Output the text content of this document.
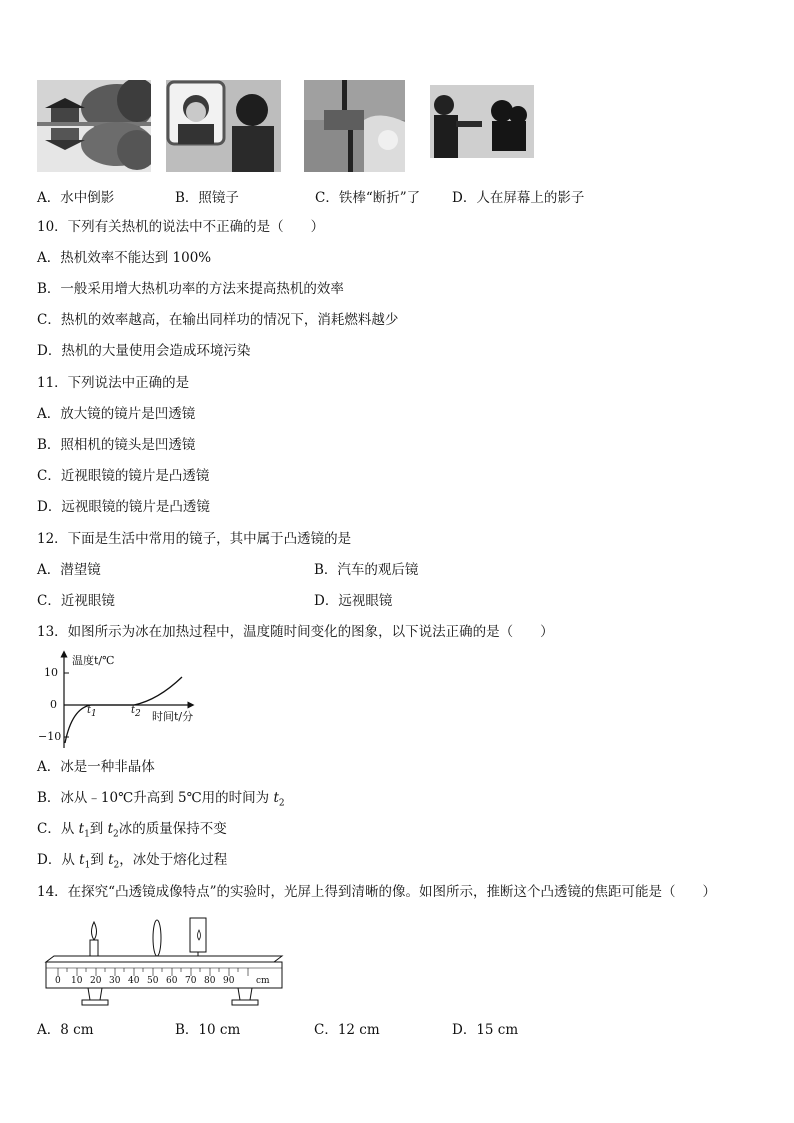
A．水中倒影	B．照镜子	C．铁棒“断折”了 D．人在屏幕上的影子
10．下列有关热机的说法中不正确的是（　　）
A．热机效率不能达到 100%
B．一般采用增大热机功率的方法来提高热机的效率
C．热机的效率越高，在输出同样功的情况下，消耗燃料越少
D．热机的大量使用会造成环境污染
11．下列说法中正确的是
A．放大镜的镜片是凹透镜
B．照相机的镜头是凹透镜
C．近视眼镜的镜片是凸透镜
D．远视眼镜的镜片是凸透镜
12．下面是生活中常用的镜子，其中属于凸透镜的是
A．潜望镜	B．汽车的观后镜
C．近视眼镜	D．远视眼镜
13．如图所示为冰在加热过程中，温度随时间变化的图象，以下说法正确的是（　　）
温度t/℃
10
0
−10
$t_1$	$t_2$ 时间t/分
A．冰是一种非晶体
B．冰从﹣10℃升高到 5℃用的时间为 $t_2$
C．从 $t_1$到 $t_2$冰的质量保持不变
D．从 $t_1$到 $t_2$，冰处于熔化过程
14．在探究“凸透镜成像特点”的实验时，光屏上得到清晰的像。如图所示，推断这个凸透镜的焦距可能是（　　）
0 10 20 30 40 50 60 70 80 90 cm
A．8 cm	B．10 cm	C．12 cm	D．15 cm
